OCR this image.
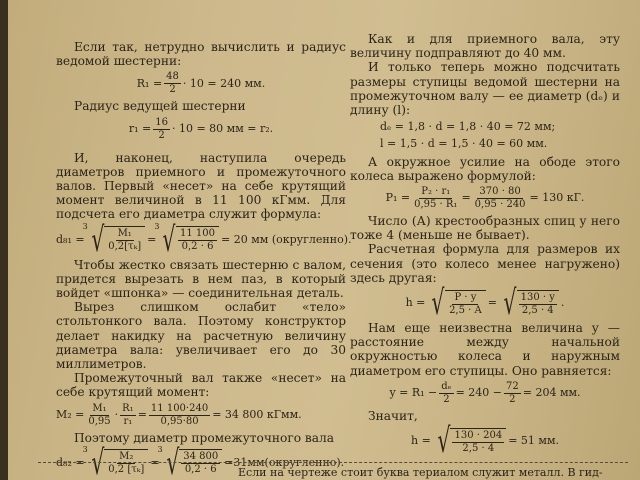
Если так, нетрудно вычислить и радиус ведомой шестерни:

$R_1 = \frac{48}{2} \cdot 10 = 240$ мм.

Радиус ведущей шестерни

$r_1 = \frac{16}{2} \cdot 10 = 80$ мм = r₂.

И, наконец, наступила очередь диаметров приемного и промежуточного валов. Первый «несет» на себе крутящий момент величиной в 11 100 кГмм. Для подсчета его диаметра служит формула:

d₈₁ =
3 √ $\frac{\text{M₁}}{\text{0,2[τₖ]}}$ =
3 √ $\frac{11 100}{0,2 \cdot 6} = 20$ мм (округленно).

Чтобы жестко связать шестерню с валом, придется вырезать в нем паз, в который войдет «шпонка» — соединительная деталь.

Вырез слишком ослабит «тело» стольтонкого вала. Поэтому конструктор делает накидку на расчетную величину диаметра вала: увеличивает его до 30 миллиметров.

Промежуточный вал также «несет» на себе крутящий момент:

$M_2 = \frac{\text{M₁}}{0,95} \cdot \frac{\text{R₁}}{\text{r₁}} = \frac{11 100\cdot 240}{0,95\cdot 80} = 34$ 800 кГмм.

Поэтому диаметр промежуточного вала

d₈₂ =
3 √ $\frac{\text{M₂}}{\text{0,2 [τₖ]}}$ =
3 √ $\frac{34 800}{0,2 \cdot 6}$ =31мм(округленно).

Как и для приемного вала, эту величину подправляют до 40 мм.

И только теперь можно подсчитать размеры ступицы ведомой шестерни на промежуточном валу — ее диаметр (dₑ) и длину (l):

dₑ = 1,8 · d = 1,8 · 40 = 72 мм;
l = 1,5 · d = 1,5 · 40 = 60 мм.

А окружное усилие на ободе этого колеса выражено формулой:

$P_1 = \frac{\text{P₂ · r₁}}{\text{0,95 · R₁}} = \frac{370 \cdot 80}{0,95 \cdot 240} = 130$ кГ.

Число (А) крестообразных спиц у него тоже 4 (меньше не бывает).

Расчетная формула для размеров их сечения (это колесо менее нагружено) здесь другая:

h = √ $\frac{P \cdot y}{2,5 \cdot A}$ = √ $\frac{130 \cdot y}{2,5 \cdot 4}$ .

Нам еще неизвестна величина y — расстояние между начальной окружностью колеса и наружным диаметром его ступицы. Оно равняется:

$y = R_1 - \frac{\text{dₑ}}{2} = 240 - \frac{72}{2} = 204$ мм.

Значит,

h = √ $\frac{130 \cdot 204}{2,5 \cdot 4} = 51$ мм.
Если на чертеже стоит буква териалом служит металл. В гид-
